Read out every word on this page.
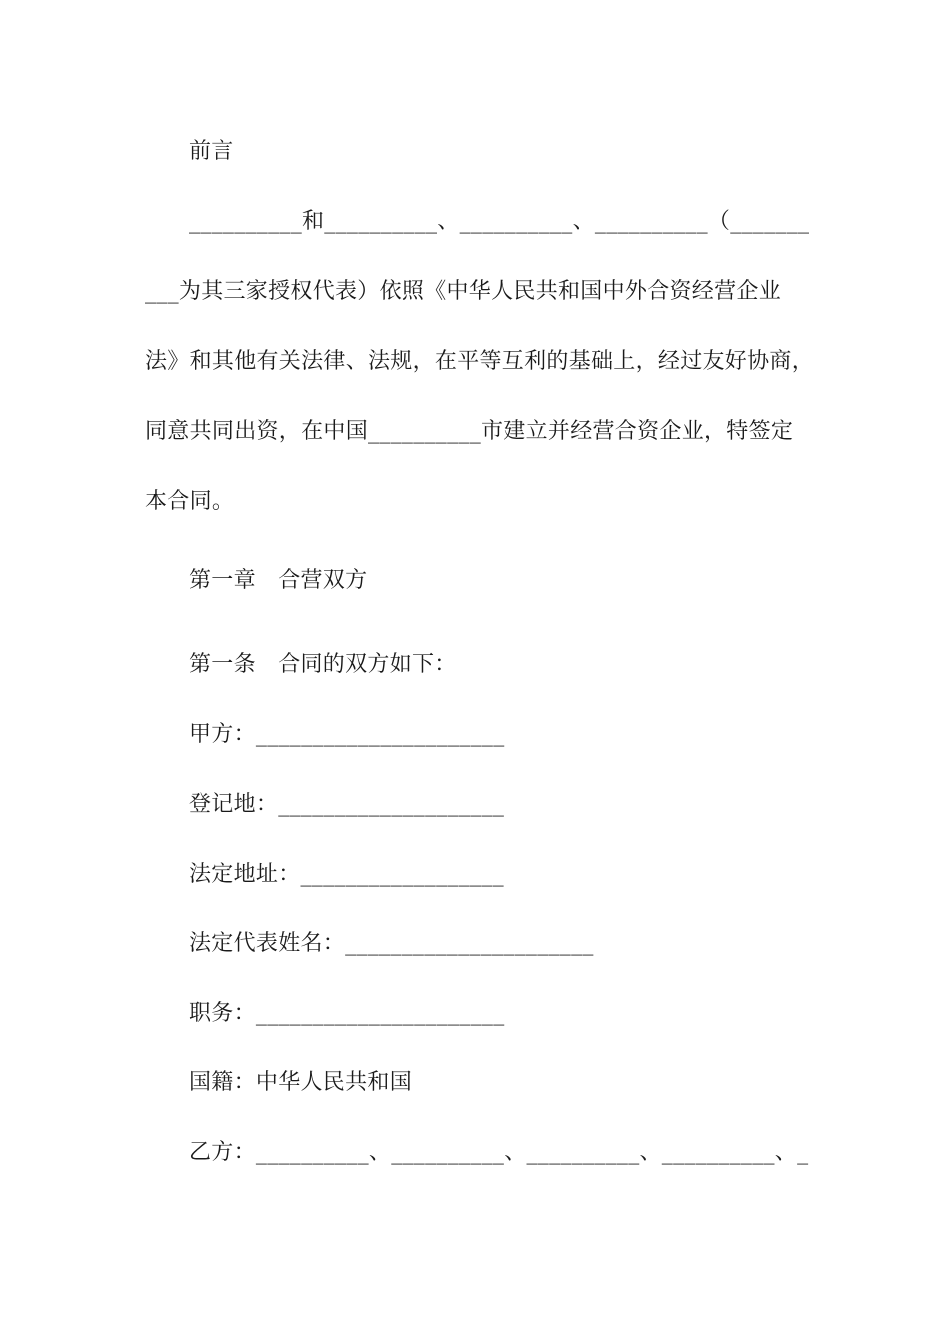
前言
__________和__________、__________、__________（_______
___为其三家授权代表）依照《中华人民共和国中外合资经营企业
法》和其他有关法律、法规，在平等互利的基础上，经过友好协商，
同意共同出资，在中国__________市建立并经营合资企业，特签定
本合同。
第一章　合营双方
第一条　合同的双方如下：
甲方：______________________
登记地：____________________
法定地址：__________________
法定代表姓名：______________________
职务：______________________
国籍：中华人民共和国
乙方：__________、__________、__________、__________、_
